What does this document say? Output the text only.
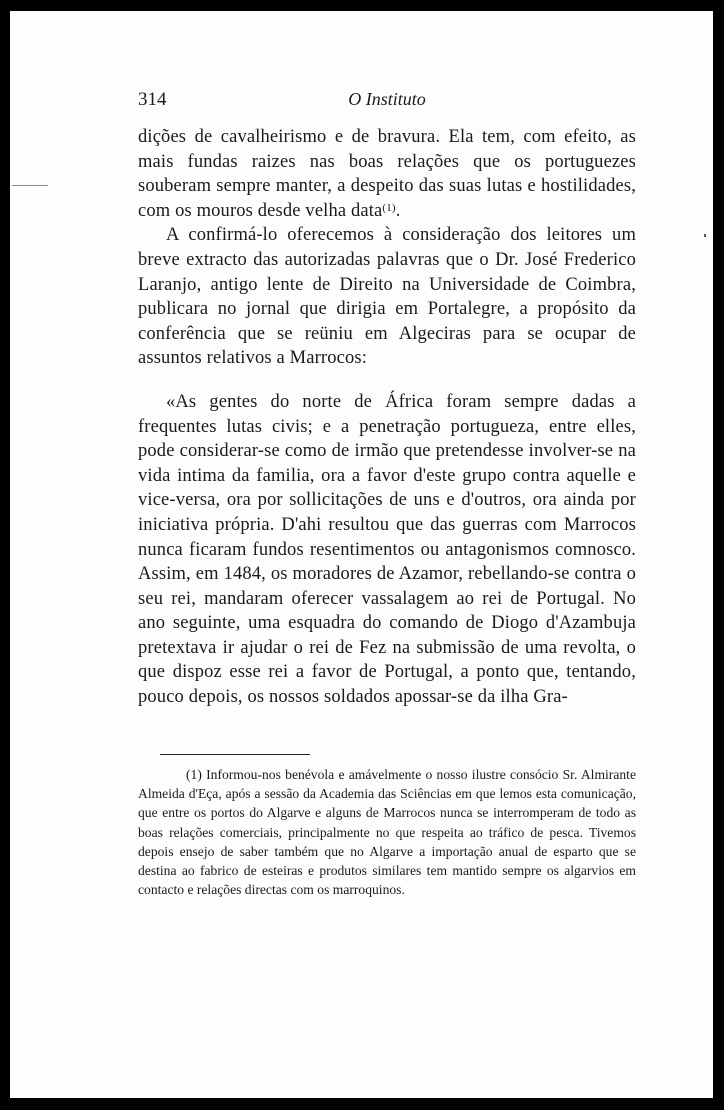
314	O Instituto

dições de cavalheirismo e de bravura. Ela tem, com efeito, as mais fundas raizes nas boas relações que os portuguezes souberam sempre manter, a despeito das suas lutas e hostilidades, com os mouros desde velha data$^{(1)}$.

A confirmá-lo oferecemos à consideração dos leitores um breve extracto das autorizadas palavras que o Dr. José Frederico Laranjo, antigo lente de Direito na Universidade de Coimbra, publicara no jornal que dirigia em Portalegre, a propósito da conferência que se reüniu em Algeciras para se ocupar de assuntos relativos a Marrocos:

«As gentes do norte de África foram sempre dadas a frequentes lutas civis; e a penetração portugueza, entre elles, pode considerar-se como de irmão que pretendesse involver-se na vida intima da familia, ora a favor d'este grupo contra aquelle e vice-versa, ora por sollicitações de uns e d'outros, ora ainda por iniciativa própria. D'ahi resultou que das guerras com Marrocos nunca ficaram fundos resentimentos ou antagonismos comnosco. Assim, em 1484, os moradores de Azamor, rebellando-se contra o seu rei, mandaram oferecer vassalagem ao rei de Portugal. No ano seguinte, uma esquadra do comando de Diogo d'Azambuja pretextava ir ajudar o rei de Fez na submissão de uma revolta, o que dispoz esse rei a favor de Portugal, a ponto que, tentando, pouco depois, os nossos soldados apossar-se da ilha Gra-

(1) Informou-nos benévola e amávelmente o nosso ilustre consócio Sr. Almirante Almeida d'Eça, após a sessão da Academia das Sciências em que lemos esta comunicação, que entre os portos do Algarve e alguns de Marrocos nunca se interromperam de todo as boas relações comerciais, principalmente no que respeita ao tráfico de pesca. Tivemos depois ensejo de saber também que no Algarve a importação anual de esparto que se destina ao fabrico de esteiras e produtos similares tem mantido sempre os algarvios em contacto e relações directas com os marroquinos.
